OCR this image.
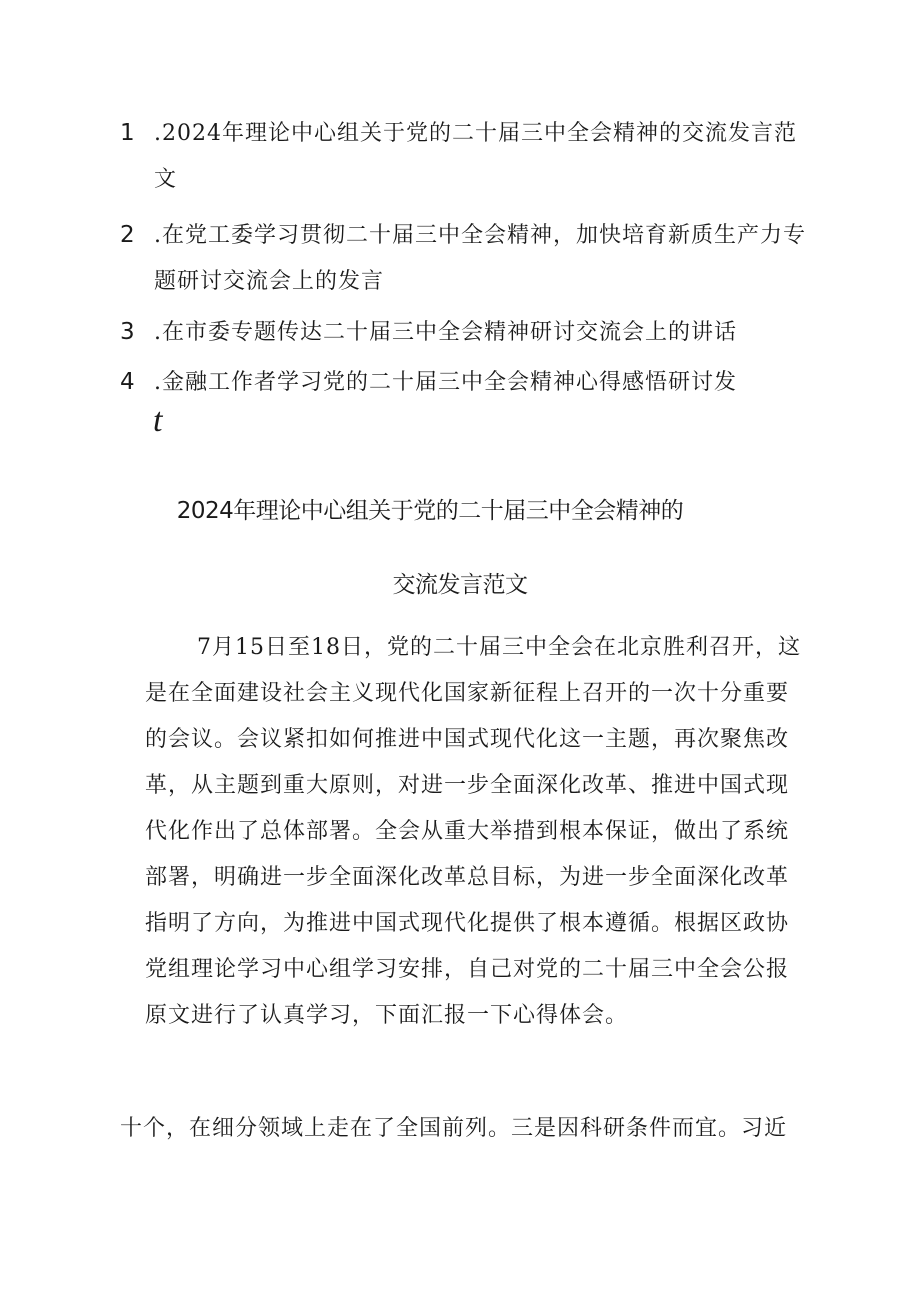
1 .2024年理论中心组关于党的二十届三中全会精神的交流发言范
文
2 .在党工委学习贯彻二十届三中全会精神，加快培育新质生产力专
题研讨交流会上的发言
3 .在市委专题传达二十届三中全会精神研讨交流会上的讲话
4 .金融工作者学习党的二十届三中全会精神心得感悟研讨发
t
2024年理论中心组关于党的二十届三中全会精神的
交流发言范文

7月15日至18日，党的二十届三中全会在北京胜利召开，这是在全面建设社会主义现代化国家新征程上召开的一次十分重要的会议。会议紧扣如何推进中国式现代化这一主题，再次聚焦改革，从主题到重大原则，对进一步全面深化改革、推进中国式现代化作出了总体部署。全会从重大举措到根本保证，做出了系统部署，明确进一步全面深化改革总目标，为进一步全面深化改革指明了方向，为推进中国式现代化提供了根本遵循。根据区政协党组理论学习中心组学习安排，自己对党的二十届三中全会公报原文进行了认真学习，下面汇报一下心得体会。

十个，在细分领域上走在了全国前列。三是因科研条件而宜。习近
